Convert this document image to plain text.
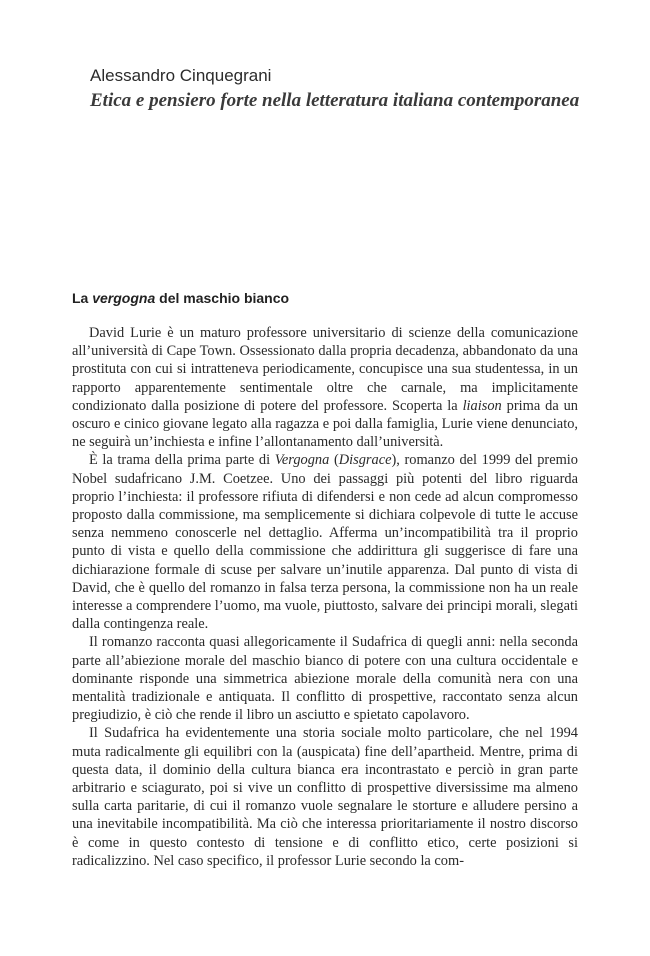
Alessandro Cinquegrani
Etica e pensiero forte nella letteratura italiana contemporanea
La vergogna del maschio bianco

David Lurie è un maturo professore universitario di scienze della comunicazione all’università di Cape Town. Ossessionato dalla propria decadenza, abbandonato da una prostituta con cui si intratteneva periodicamente, concupisce una sua studentessa, in un rapporto apparentemente sentimentale oltre che carnale, ma implicitamente condizionato dalla posizione di potere del professore. Scoperta la liaison prima da un oscuro e cinico giovane legato alla ragazza e poi dalla famiglia, Lurie viene denunciato, ne seguirà un’inchiesta e infine l’allontanamento dall’università.

È la trama della prima parte di Vergogna (Disgrace), romanzo del 1999 del premio Nobel sudafricano J.M. Coetzee. Uno dei passaggi più potenti del libro riguarda proprio l’inchiesta: il professore rifiuta di difendersi e non cede ad alcun compromesso proposto dalla commissione, ma semplicemente si dichiara colpevole di tutte le accuse senza nemmeno conoscerle nel dettaglio. Afferma un’incompatibilità tra il proprio punto di vista e quello della commissione che addirittura gli suggerisce di fare una dichiarazione formale di scuse per salvare un’inutile apparenza. Dal punto di vista di David, che è quello del romanzo in falsa terza persona, la commissione non ha un reale interesse a comprendere l’uomo, ma vuole, piuttosto, salvare dei principi morali, slegati dalla contingenza reale.

Il romanzo racconta quasi allegoricamente il Sudafrica di quegli anni: nella seconda parte all’abiezione morale del maschio bianco di potere con una cultura occidentale e dominante risponde una simmetrica abiezione morale della comunità nera con una mentalità tradizionale e antiquata. Il conflitto di prospettive, raccontato senza alcun pregiudizio, è ciò che rende il libro un asciutto e spietato capolavoro.

Il Sudafrica ha evidentemente una storia sociale molto particolare, che nel 1994 muta radicalmente gli equilibri con la (auspicata) fine dell’apartheid. Mentre, prima di questa data, il dominio della cultura bianca era incontrastato e perciò in gran parte arbitrario e sciagurato, poi si vive un conflitto di prospettive diversissime ma almeno sulla carta paritarie, di cui il romanzo vuole segnalare le storture e alludere persino a una inevitabile incompatibilità. Ma ciò che interessa prioritariamente il nostro discorso è come in questo contesto di tensione e di conflitto etico, certe posizioni si radicalizzino. Nel caso specifico, il professor Lurie secondo la com-
